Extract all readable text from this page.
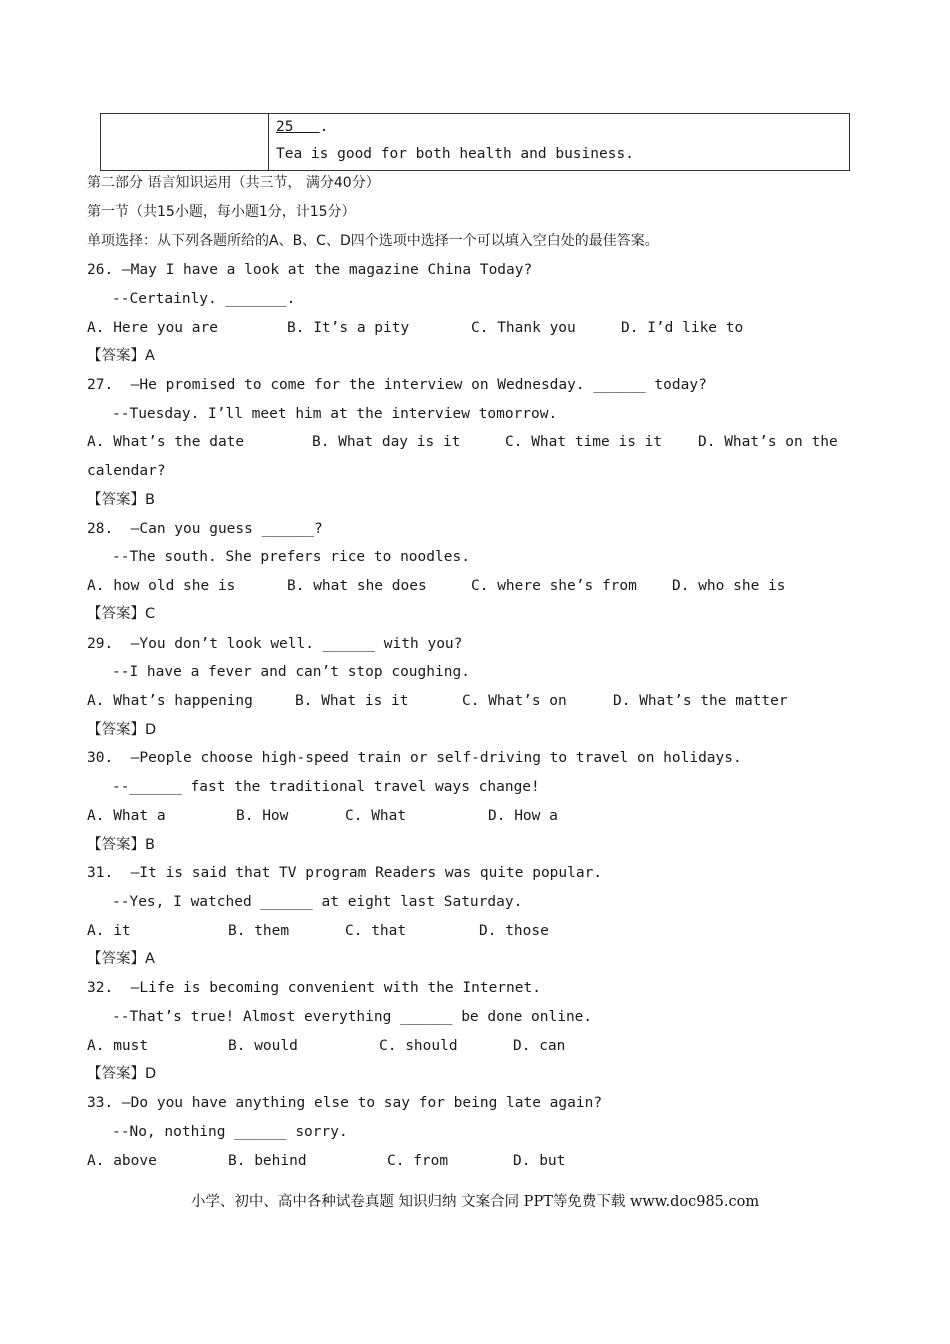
25 .
Tea is good for both health and business.
第二部分 语言知识运用（共三节， 满分40分）
第一节（共15小题，每小题1分，计15分）
单项选择：从下列各题所给的A、B、C、D四个选项中选择一个可以填入空白处的最佳答案。
26. –May I have a look at the magazine China Today?
--Certainly. _______.
A. Here you are	B. It’s a pity	C. Thank you	D. I’d like to
【答案】A
27.  –He promised to come for the interview on Wednesday. ______ today?
--Tuesday. I’ll meet him at the interview tomorrow.
A. What’s the date	B. What day is it	C. What time is it D. What’s on the
calendar?
【答案】B
28.  –Can you guess ______?
--The south. She prefers rice to noodles.
A. how old she is	B. what she does	C. where she’s from D. who she is
【答案】C
29.  –You don’t look well. ______ with you?
--I have a fever and can’t stop coughing.
A. What’s happening	B. What is it	C. What’s on	D. What’s the matter
【答案】D
30.  –People choose high-speed train or self-driving to travel on holidays.
--______ fast the traditional travel ways change!
A. What a	B. How	C. What	D. How a
【答案】B
31.  –It is said that TV program Readers was quite popular.
--Yes, I watched ______ at eight last Saturday.
A. it	B. them	C. that	D. those
【答案】A
32.  –Life is becoming convenient with the Internet.
--That’s true! Almost everything ______ be done online.
A. must	B. would	C. should	D. can
【答案】D
33. –Do you have anything else to say for being late again?
--No, nothing ______ sorry.
A. above	B. behind	C. from	D. but
小学、初中、高中各种试卷真题 知识归纳 文案合同 PPT等免费下载 www.doc985.com
